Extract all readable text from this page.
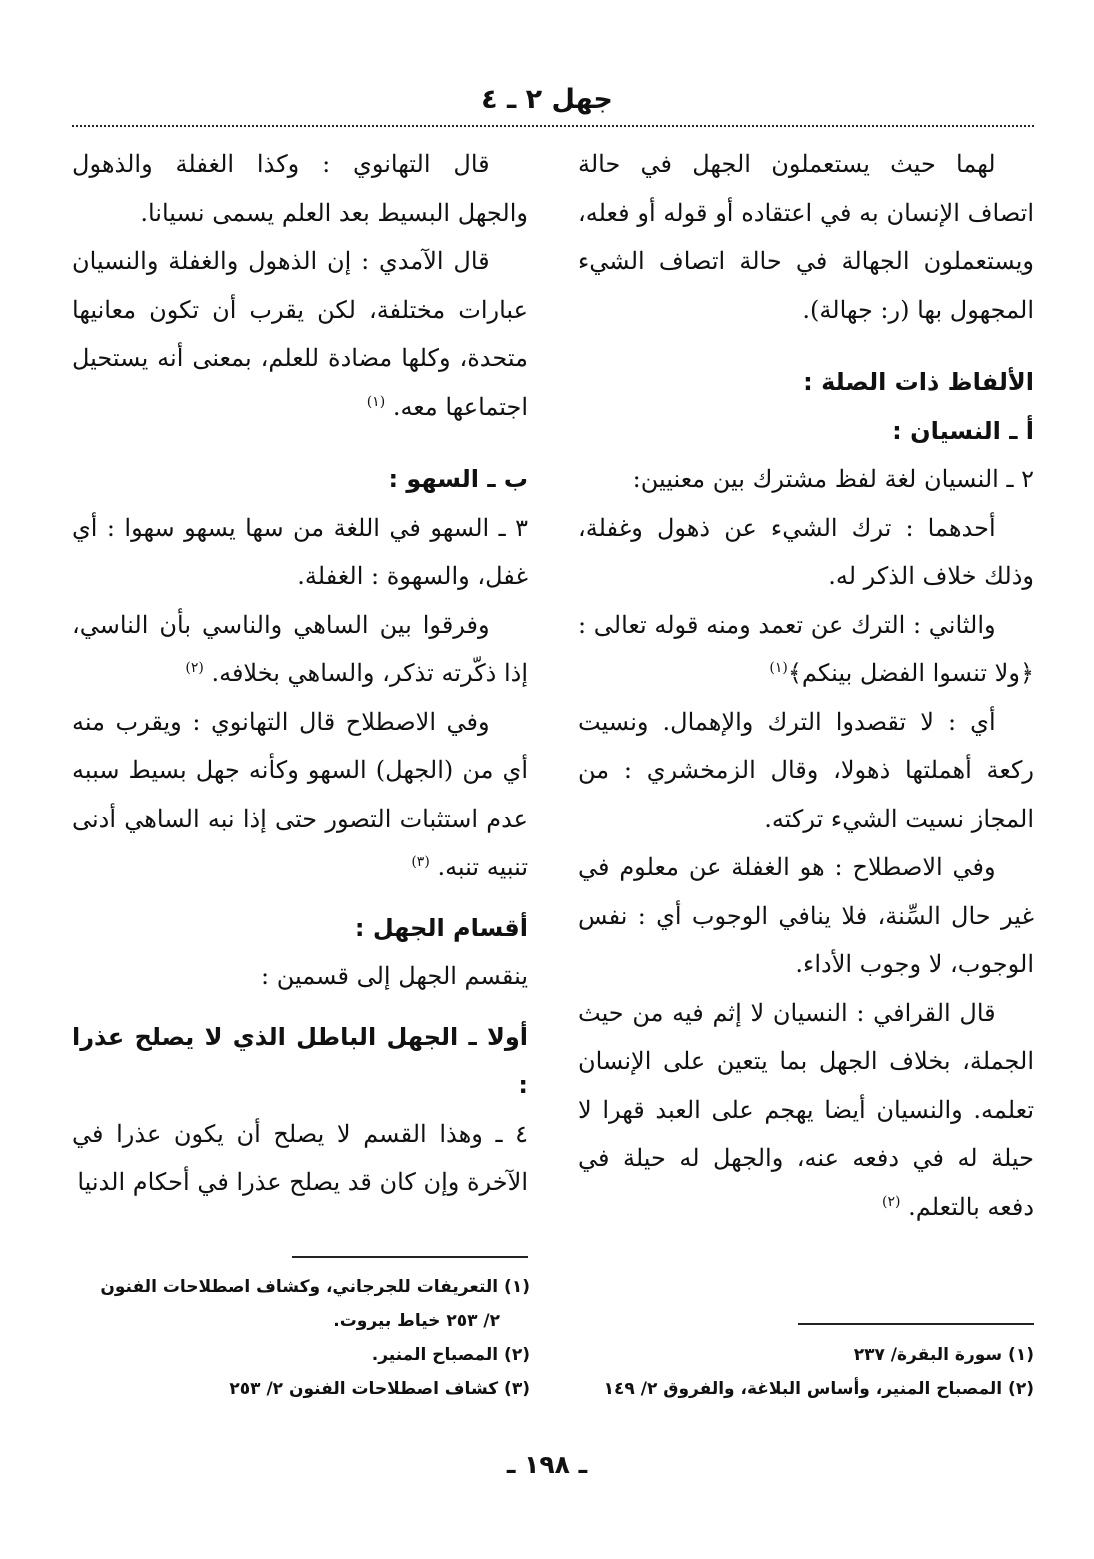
جهل ٢ ـ ٤

لهما حيث يستعملون الجهل في حالة اتصاف الإنسان به في اعتقاده أو قوله أو فعله، ويستعملون الجهالة في حالة اتصاف الشيء المجهول بها (ر: جهالة).

الألفاظ ذات الصلة :

أ ـ النسيان :

٢ ـ النسيان لغة لفظ مشترك بين معنيين:

أحدهما : ترك الشيء عن ذهول وغفلة، وذلك خلاف الذكر له.

والثاني : الترك عن تعمد ومنه قوله تعالى : ﴿ولا تنسوا الفضل بينكم﴾$^{(١)}$

أي : لا تقصدوا الترك والإهمال. ونسيت ركعة أهملتها ذهولا، وقال الزمخشري : من المجاز نسيت الشيء تركته.

وفي الاصطلاح : هو الغفلة عن معلوم في غير حال السِّنة، فلا ينافي الوجوب أي : نفس الوجوب، لا وجوب الأداء.

قال القرافي : النسيان لا إثم فيه من حيث الجملة، بخلاف الجهل بما يتعين على الإنسان تعلمه. والنسيان أيضا يهجم على العبد قهرا لا حيلة له في دفعه عنه، والجهل له حيلة في دفعه بالتعلم. $^{(٢)}$

قال التهانوي : وكذا الغفلة والذهول والجهل البسيط بعد العلم يسمى نسيانا.

قال الآمدي : إن الذهول والغفلة والنسيان عبارات مختلفة، لكن يقرب أن تكون معانيها متحدة، وكلها مضادة للعلم، بمعنى أنه يستحيل اجتماعها معه. $^{(١)}$

ب ـ السهو :

٣ ـ السهو في اللغة من سها يسهو سهوا : أي غفل، والسهوة : الغفلة.

وفرقوا بين الساهي والناسي بأن الناسي، إذا ذكّرته تذكر، والساهي بخلافه. $^{(٢)}$

وفي الاصطلاح قال التهانوي : ويقرب منه أي من (الجهل) السهو وكأنه جهل بسيط سببه عدم استثبات التصور حتى إذا نبه الساهي أدنى تنبيه تنبه. $^{(٣)}$

أقسام الجهل :

ينقسم الجهل إلى قسمين :

أولا ـ الجهل الباطل الذي لا يصلح عذرا :

٤ ـ وهذا القسم لا يصلح أن يكون عذرا في الآخرة وإن كان قد يصلح عذرا في أحكام الدنيا

(١) التعريفات للجرجاني، وكشاف اصطلاحات الفنون

٢/ ٢٥٣ خياط بيروت.

(٢) المصباح المنير.

(٣) كشاف اصطلاحات الفنون ٢/ ٢٥٣

(١) سورة البقرة/ ٢٣٧

(٢) المصباح المنير، وأساس البلاغة، والفروق ٢/ ١٤٩

ـ ١٩٨ ـ
